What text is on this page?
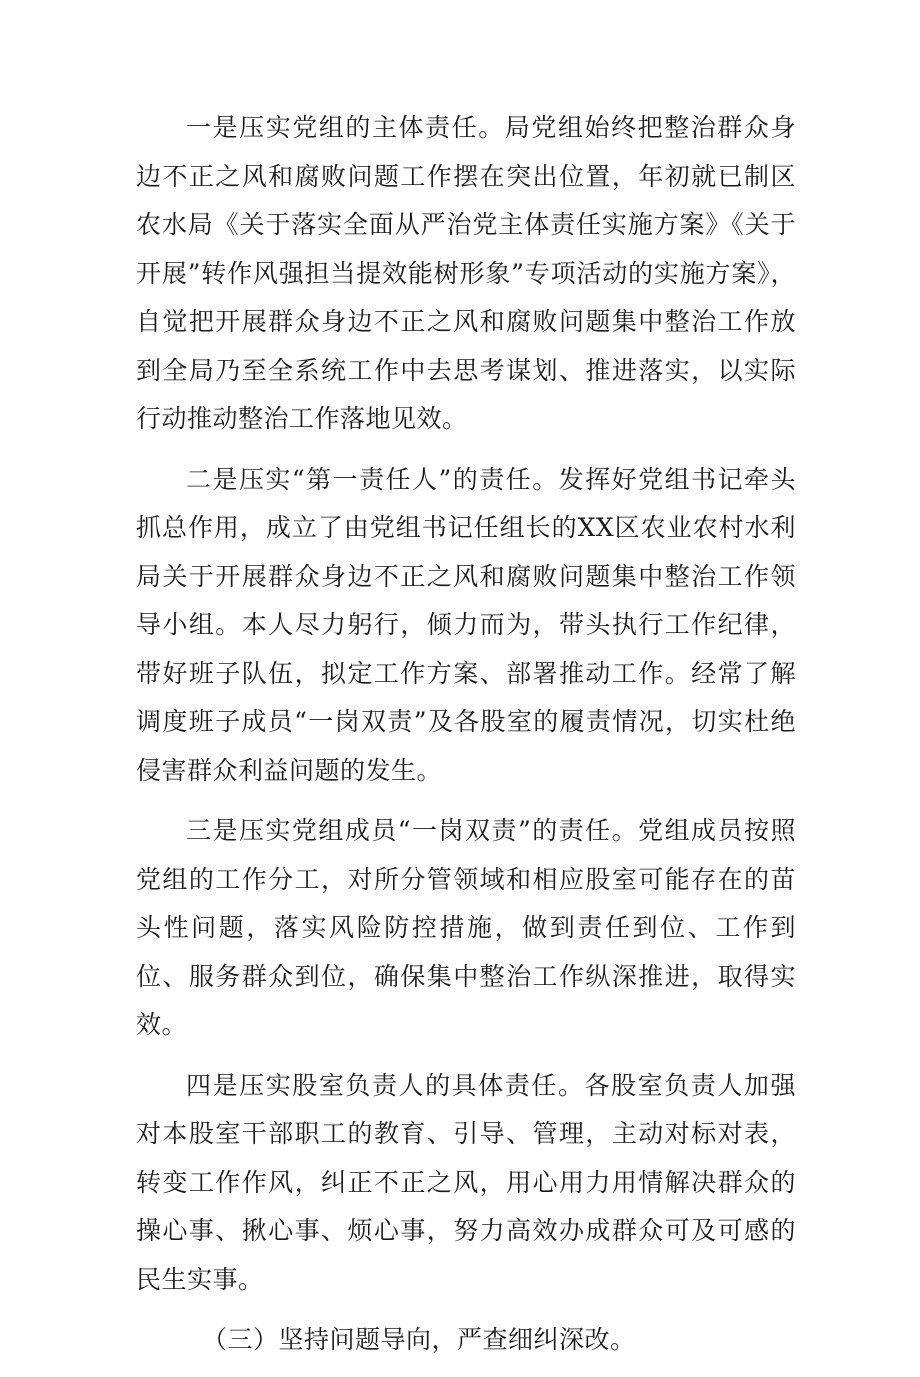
一是压实党组的主体责任。局党组始终把整治群众身边不正之风和腐败问题工作摆在突出位置，年初就已制区农水局《关于落实全面从严治党主体责任实施方案》《关于开展”转作风强担当提效能树形象”专项活动的实施方案》，自觉把开展群众身边不正之风和腐败问题集中整治工作放到全局乃至全系统工作中去思考谋划、推进落实，以实际行动推动整治工作落地见效。

二是压实“第一责任人”的责任。发挥好党组书记牵头抓总作用，成立了由党组书记任组长的XX区农业农村水利局关于开展群众身边不正之风和腐败问题集中整治工作领导小组。本人尽力躬行，倾力而为，带头执行工作纪律，带好班子队伍，拟定工作方案、部署推动工作。经常了解调度班子成员“一岗双责”及各股室的履责情况，切实杜绝侵害群众利益问题的发生。

三是压实党组成员“一岗双责”的责任。党组成员按照党组的工作分工，对所分管领域和相应股室可能存在的苗头性问题，落实风险防控措施，做到责任到位、工作到位、服务群众到位，确保集中整治工作纵深推进，取得实效。

四是压实股室负责人的具体责任。各股室负责人加强对本股室干部职工的教育、引导、管理，主动对标对表，转变工作作风，纠正不正之风，用心用力用情解决群众的操心事、揪心事、烦心事，努力高效办成群众可及可感的民生实事。

（三）坚持问题导向，严查细纠深改。
